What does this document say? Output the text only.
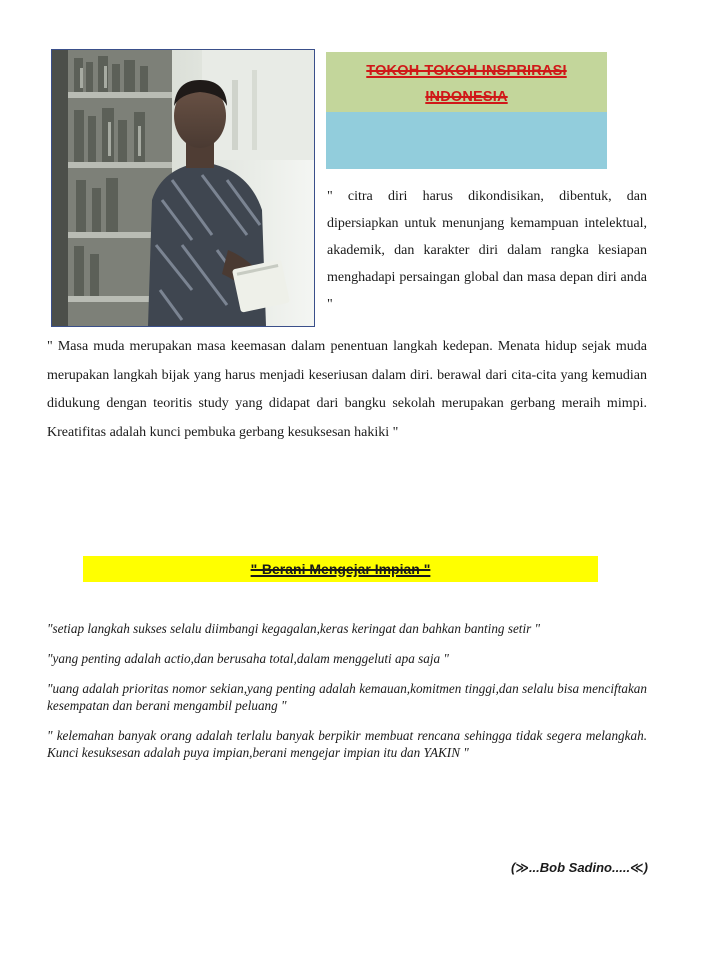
TOKOH-TOKOH INSPRIRASI
INDONESIA

" citra diri harus dikondisikan, dibentuk, dan dipersiapkan untuk menunjang kemampuan intelektual, akademik, dan karakter diri dalam rangka kesiapan menghadapi persaingan global dan masa depan diri anda "

" Masa muda merupakan masa keemasan dalam penentuan langkah kedepan. Menata hidup sejak muda merupakan langkah bijak yang harus menjadi keseriusan dalam diri. berawal dari cita-cita yang kemudian didukung dengan teoritis study yang didapat dari bangku sekolah merupakan gerbang meraih mimpi. Kreatifitas adalah kunci pembuka gerbang kesuksesan hakiki "

"-Berani Mengejar Impian "

"setiap langkah sukses selalu diimbangi kegagalan,keras keringat dan bahkan banting setir "

"yang penting adalah actio,dan berusaha total,dalam menggeluti apa saja "

"uang adalah prioritas nomor sekian,yang penting adalah kemauan,komitmen tinggi,dan selalu bisa menciftakan kesempatan dan berani mengambil peluang "

" kelemahan banyak orang adalah terlalu banyak berpikir membuat rencana sehingga tidak segera melangkah. Kunci kesuksesan adalah puya impian,berani mengejar impian itu dan YAKIN "

(≫...Bob Sadino.....≪)
